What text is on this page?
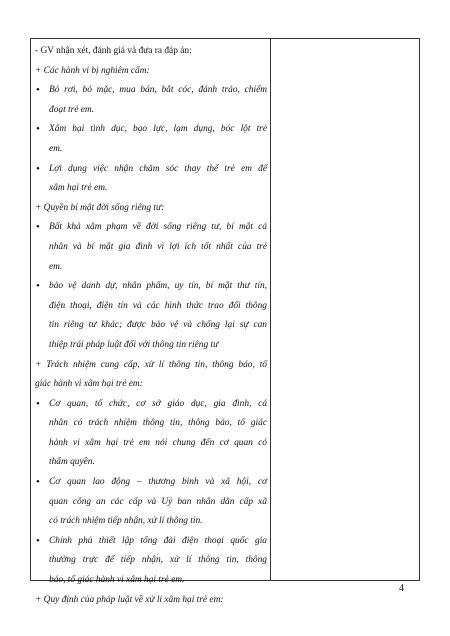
- GV nhận xét, đánh giá và đưa ra đáp án:
+ Các hành vi bị nghiêm cấm:
• Bỏ rơi, bỏ mặc, mua bán, bắt cóc, đánh tráo, chiếm
đoạt trẻ em.
• Xâm hại tình dục, bạo lực, lạm dụng, bóc lột trẻ
em.
• Lợi dụng việc nhận chăm sóc thay thế trẻ em để
xâm hại trẻ em.
+ Quyền bí mật đời sống riêng tư:
• Bất khả xâm phạm về đời sống riêng tư, bí mật cá
nhân và bí mật gia đình vì lợi ích tốt nhất của trẻ
em.
• bảo vệ danh dự, nhân phẩm, uy tín, bí mật thư tín,
điện thoại, điện tín và các hình thức trao đổi thông
tin riêng tư khác; được bảo vệ và chống lại sự can
thiệp trái pháp luật đối với thông tin riêng tư
+ Trách nhiệm cung cấp, xử lí thông tin, thông báo, tố
giác hành vi xâm hại trẻ em:
• Cơ quan, tổ chức, cơ sở giáo dục, gia đình, cá
nhân có trách nhiệm thông tin, thông báo, tố giác
hành vi xâm hại trẻ em nói chung đến cơ quan có
thẩm quyền.
• Cơ quan lao động – thương binh và xã hội, cơ
quan công an các cấp và Uỷ ban nhân dân cấp xã
có trách nhiệm tiếp nhận, xử lí thông tin.
• Chính phủ thiết lập tổng đài điện thoại quốc gia
thường trực để tiếp nhận, xử lí thông tin, thông
báo, tố giác hành vi xâm hại trẻ em.
+ Quy định của pháp luật về xử lí xâm hại trẻ em:
4
